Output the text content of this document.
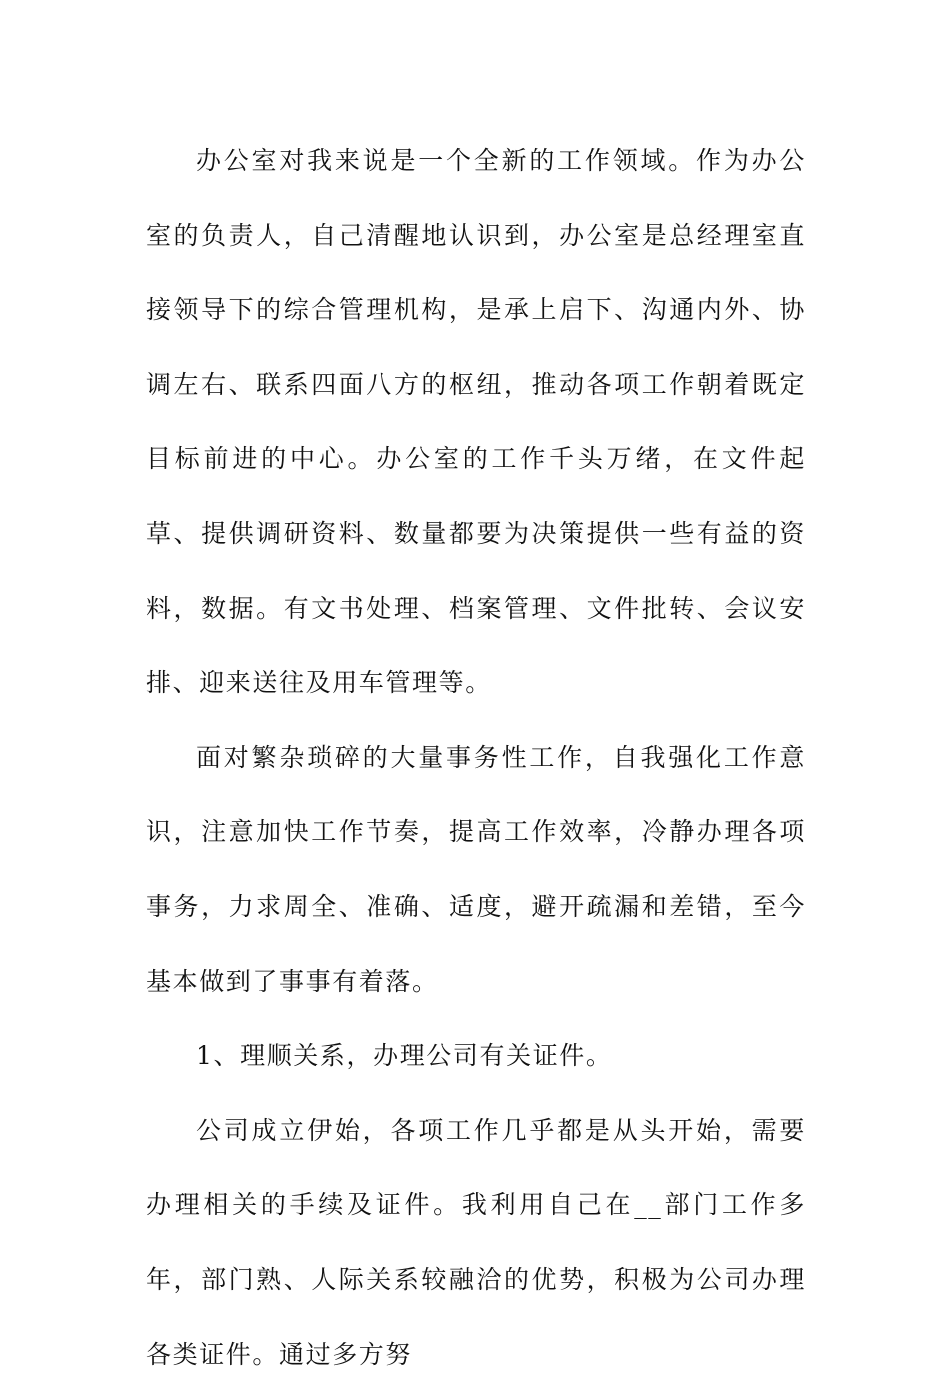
办公室对我来说是一个全新的工作领域。作为办公室的负责人，自己清醒地认识到，办公室是总经理室直接领导下的综合管理机构，是承上启下、沟通内外、协调左右、联系四面八方的枢纽，推动各项工作朝着既定目标前进的中心。办公室的工作千头万绪，在文件起草、提供调研资料、数量都要为决策提供一些有益的资料，数据。有文书处理、档案管理、文件批转、会议安排、迎来送往及用车管理等。

面对繁杂琐碎的大量事务性工作，自我强化工作意识，注意加快工作节奏，提高工作效率，冷静办理各项事务，力求周全、准确、适度，避开疏漏和差错，至今基本做到了事事有着落。

1、理顺关系，办理公司有关证件。

公司成立伊始，各项工作几乎都是从头开始，需要办理相关的手续及证件。我利用自己在__部门工作多年，部门熟、人际关系较融洽的优势，积极为公司办理各类证件。通过多方努
